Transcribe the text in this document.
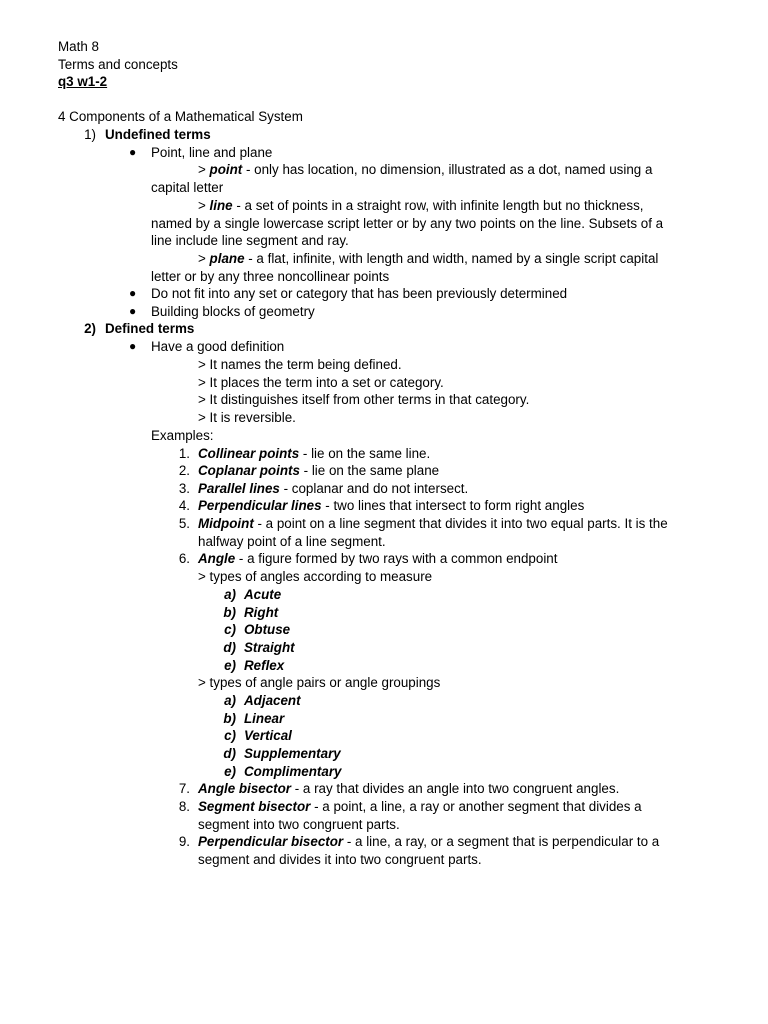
Math 8
Terms and concepts
q3 w1-2
4 Components of a Mathematical System
1) Undefined terms
● Point, line and plane
> point - only has location, no dimension, illustrated as a dot, named using a
capital letter
> line - a set of points in a straight row, with infinite length but no thickness,
named by a single lowercase script letter or by any two points on the line. Subsets of a
line include line segment and ray.
> plane - a flat, infinite, with length and width, named by a single script capital
letter or by any three noncollinear points
● Do not fit into any set or category that has been previously determined
● Building blocks of geometry
2) Defined terms
● Have a good definition
> It names the term being defined.
> It places the term into a set or category.
> It distinguishes itself from other terms in that category.
> It is reversible.
Examples:
1. Collinear points - lie on the same line.
2. Coplanar points - lie on the same plane
3. Parallel lines - coplanar and do not intersect.
4. Perpendicular lines - two lines that intersect to form right angles
5. Midpoint - a point on a line segment that divides it into two equal parts. It is the
halfway point of a line segment.
6. Angle - a figure formed by two rays with a common endpoint
> types of angles according to measure
a) Acute
b) Right
c) Obtuse
d) Straight
e) Reflex
> types of angle pairs or angle groupings
a) Adjacent
b) Linear
c) Vertical
d) Supplementary
e) Complimentary
7. Angle bisector - a ray that divides an angle into two congruent angles.
8. Segment bisector - a point, a line, a ray or another segment that divides a
segment into two congruent parts.
9. Perpendicular bisector - a line, a ray, or a segment that is perpendicular to a
segment and divides it into two congruent parts.
